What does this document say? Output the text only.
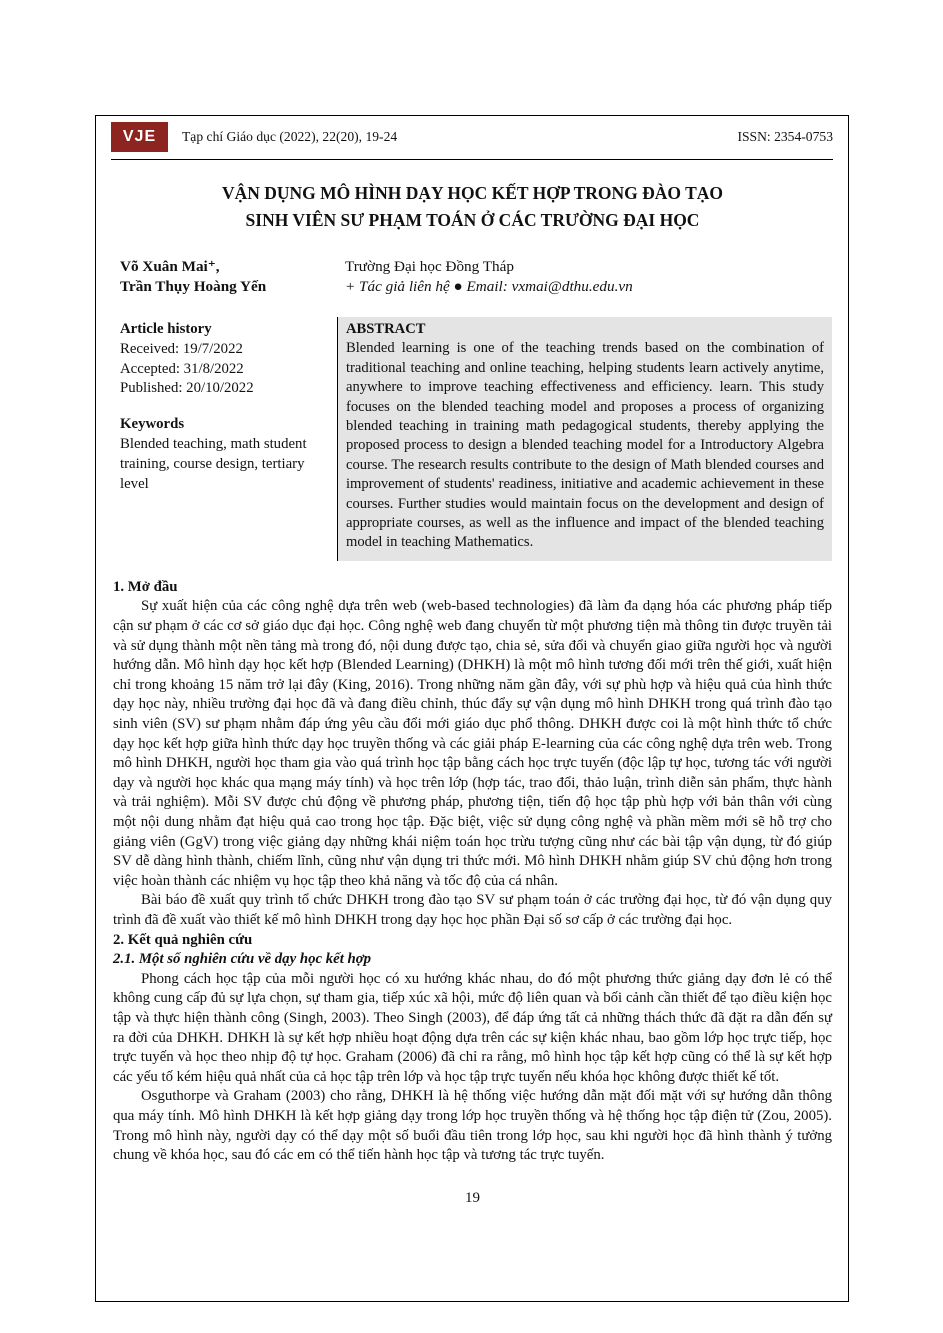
VJE	Tạp chí Giáo dục (2022), 22(20), 19-24	ISSN: 2354-0753
VẬN DỤNG MÔ HÌNH DẠY HỌC KẾT HỢP TRONG ĐÀO TẠO
SINH VIÊN SƯ PHẠM TOÁN Ở CÁC TRƯỜNG ĐẠI HỌC
Võ Xuân Mai⁺,
Trần Thụy Hoàng Yến
Trường Đại học Đồng Tháp
+ Tác giả liên hệ ● Email: vxmai@dthu.edu.vn
Article history
Received: 19/7/2022
Accepted: 31/8/2022
Published: 20/10/2022
Keywords
Blended teaching, math student training, course design, tertiary level
ABSTRACT
Blended learning is one of the teaching trends based on the combination of traditional teaching and online teaching, helping students learn actively anytime, anywhere to improve teaching effectiveness and efficiency. learn. This study focuses on the blended teaching model and proposes a process of organizing blended teaching in training math pedagogical students, thereby applying the proposed process to design a blended teaching model for a Introductory Algebra course. The research results contribute to the design of Math blended courses and improvement of students' readiness, initiative and academic achievement in these courses. Further studies would maintain focus on the development and design of appropriate courses, as well as the influence and impact of the blended teaching model in teaching Mathematics.
1. Mở đầu

Sự xuất hiện của các công nghệ dựa trên web (web-based technologies) đã làm đa dạng hóa các phương pháp tiếp cận sư phạm ở các cơ sở giáo dục đại học. Công nghệ web đang chuyển từ một phương tiện mà thông tin được truyền tải và sử dụng thành một nền tảng mà trong đó, nội dung được tạo, chia sẻ, sửa đổi và chuyển giao giữa người học và người hướng dẫn. Mô hình dạy học kết hợp (Blended Learning) (DHKH) là một mô hình tương đối mới trên thế giới, xuất hiện chỉ trong khoảng 15 năm trở lại đây (King, 2016). Trong những năm gần đây, với sự phù hợp và hiệu quả của hình thức dạy học này, nhiều trường đại học đã và đang điều chỉnh, thúc đẩy sự vận dụng mô hình DHKH trong quá trình đào tạo sinh viên (SV) sư phạm nhằm đáp ứng yêu cầu đổi mới giáo dục phổ thông. DHKH được coi là một hình thức tổ chức dạy học kết hợp giữa hình thức dạy học truyền thống và các giải pháp E-learning của các công nghệ dựa trên web. Trong mô hình DHKH, người học tham gia vào quá trình học tập bằng cách học trực tuyến (độc lập tự học, tương tác với người dạy và người học khác qua mạng máy tính) và học trên lớp (hợp tác, trao đổi, thảo luận, trình diễn sản phẩm, thực hành và trải nghiệm). Mỗi SV được chủ động về phương pháp, phương tiện, tiến độ học tập phù hợp với bản thân với cùng một nội dung nhằm đạt hiệu quả cao trong học tập. Đặc biệt, việc sử dụng công nghệ và phần mềm mới sẽ hỗ trợ cho giảng viên (GgV) trong việc giảng dạy những khái niệm toán học trừu tượng cũng như các bài tập vận dụng, từ đó giúp SV dễ dàng hình thành, chiếm lĩnh, cũng như vận dụng tri thức mới. Mô hình DHKH nhằm giúp SV chủ động hơn trong việc hoàn thành các nhiệm vụ học tập theo khả năng và tốc độ của cá nhân.

Bài báo đề xuất quy trình tổ chức DHKH trong đào tạo SV sư phạm toán ở các trường đại học, từ đó vận dụng quy trình đã đề xuất vào thiết kế mô hình DHKH trong dạy học học phần Đại số sơ cấp ở các trường đại học.

2. Kết quả nghiên cứu
2.1. Một số nghiên cứu về dạy học kết hợp

Phong cách học tập của mỗi người học có xu hướng khác nhau, do đó một phương thức giảng dạy đơn lẻ có thể không cung cấp đủ sự lựa chọn, sự tham gia, tiếp xúc xã hội, mức độ liên quan và bối cảnh cần thiết để tạo điều kiện học tập và thực hiện thành công (Singh, 2003). Theo Singh (2003), để đáp ứng tất cả những thách thức đã đặt ra dẫn đến sự ra đời của DHKH. DHKH là sự kết hợp nhiều hoạt động dựa trên các sự kiện khác nhau, bao gồm lớp học trực tiếp, học trực tuyến và học theo nhịp độ tự học. Graham (2006) đã chỉ ra rằng, mô hình học tập kết hợp cũng có thể là sự kết hợp các yếu tố kém hiệu quả nhất của cả học tập trên lớp và học tập trực tuyến nếu khóa học không được thiết kế tốt.

Osguthorpe và Graham (2003) cho rằng, DHKH là hệ thống việc hướng dẫn mặt đối mặt với sự hướng dẫn thông qua máy tính. Mô hình DHKH là kết hợp giảng dạy trong lớp học truyền thống và hệ thống học tập điện tử (Zou, 2005). Trong mô hình này, người dạy có thể dạy một số buổi đầu tiên trong lớp học, sau khi người học đã hình thành ý tưởng chung về khóa học, sau đó các em có thể tiến hành học tập và tương tác trực tuyến.

19
